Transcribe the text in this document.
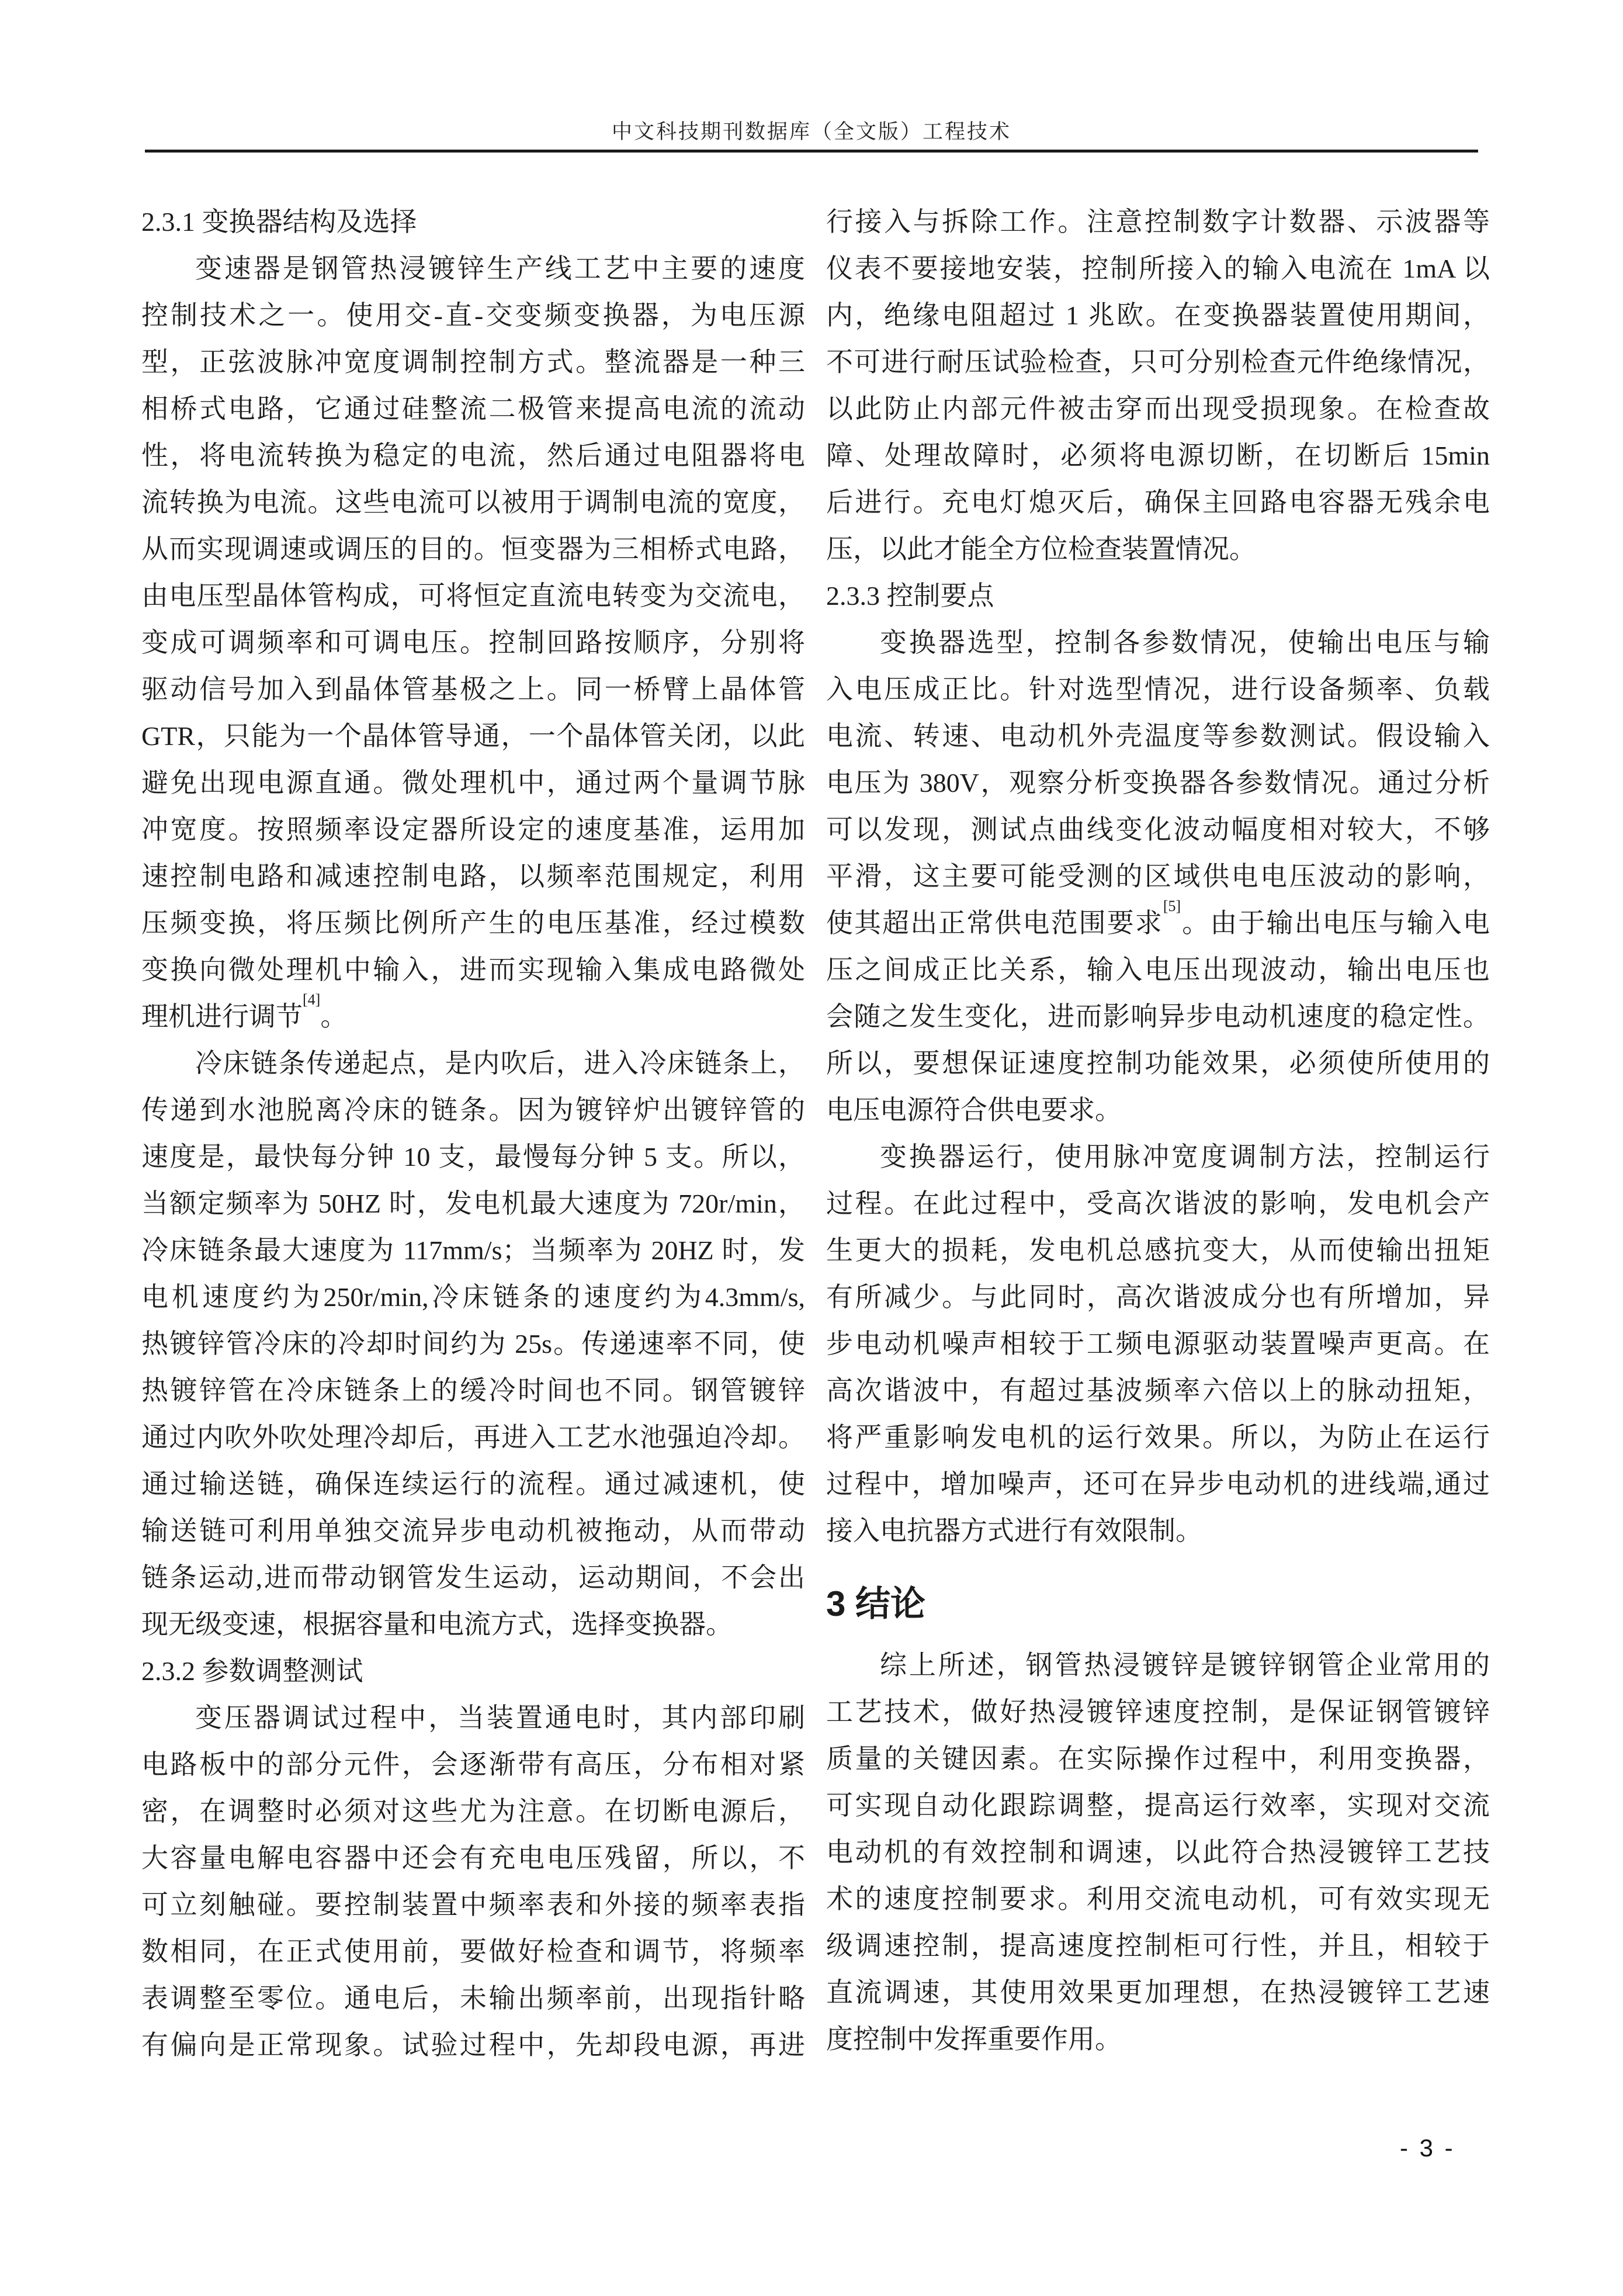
中文科技期刊数据库（全文版）工程技术
2.3.1 变换器结构及选择
变速器是钢管热浸镀锌生产线工艺中主要的速度
控制技术之一。使用交-直-交变频变换器，为电压源
型，正弦波脉冲宽度调制控制方式。整流器是一种三
相桥式电路，它通过硅整流二极管来提高电流的流动
性，将电流转换为稳定的电流，然后通过电阻器将电
流转换为电流。这些电流可以被用于调制电流的宽度，
从而实现调速或调压的目的。恒变器为三相桥式电路，
由电压型晶体管构成，可将恒定直流电转变为交流电，
变成可调频率和可调电压。控制回路按顺序，分别将
驱动信号加入到晶体管基极之上。同一桥臂上晶体管
GTR，只能为一个晶体管导通，一个晶体管关闭，以此
避免出现电源直通。微处理机中，通过两个量调节脉
冲宽度。按照频率设定器所设定的速度基准，运用加
速控制电路和减速控制电路，以频率范围规定，利用
压频变换，将压频比例所产生的电压基准，经过模数
变换向微处理机中输入，进而实现输入集成电路微处
理机进行调节[4]。
冷床链条传递起点，是内吹后，进入冷床链条上，
传递到水池脱离冷床的链条。因为镀锌炉出镀锌管的
速度是，最快每分钟 10 支，最慢每分钟 5 支。所以，
当额定频率为 50HZ 时，发电机最大速度为 720r/min，
冷床链条最大速度为 117mm/s；当频率为 20HZ 时，发
电机速度约为250r/min,冷床链条的速度约为4.3mm/s,
热镀锌管冷床的冷却时间约为 25s。传递速率不同，使
热镀锌管在冷床链条上的缓冷时间也不同。钢管镀锌
通过内吹外吹处理冷却后，再进入工艺水池强迫冷却。
通过输送链，确保连续运行的流程。通过减速机，使
输送链可利用单独交流异步电动机被拖动，从而带动
链条运动,进而带动钢管发生运动，运动期间，不会出
现无级变速，根据容量和电流方式，选择变换器。
2.3.2 参数调整测试
变压器调试过程中，当装置通电时，其内部印刷
电路板中的部分元件，会逐渐带有高压，分布相对紧
密，在调整时必须对这些尤为注意。在切断电源后，
大容量电解电容器中还会有充电电压残留，所以，不
可立刻触碰。要控制装置中频率表和外接的频率表指
数相同，在正式使用前，要做好检查和调节，将频率
表调整至零位。通电后，未输出频率前，出现指针略
有偏向是正常现象。试验过程中，先却段电源，再进
行接入与拆除工作。注意控制数字计数器、示波器等
仪表不要接地安装，控制所接入的输入电流在 1mA 以
内，绝缘电阻超过 1 兆欧。在变换器装置使用期间，
不可进行耐压试验检查，只可分别检查元件绝缘情况，
以此防止内部元件被击穿而出现受损现象。在检查故
障、处理故障时，必须将电源切断，在切断后 15min
后进行。充电灯熄灭后，确保主回路电容器无残余电
压，以此才能全方位检查装置情况。
2.3.3 控制要点
变换器选型，控制各参数情况，使输出电压与输
入电压成正比。针对选型情况，进行设备频率、负载
电流、转速、电动机外壳温度等参数测试。假设输入
电压为 380V，观察分析变换器各参数情况。通过分析
可以发现，测试点曲线变化波动幅度相对较大，不够
平滑，这主要可能受测的区域供电电压波动的影响，
使其超出正常供电范围要求[5]。由于输出电压与输入电
压之间成正比关系，输入电压出现波动，输出电压也
会随之发生变化，进而影响异步电动机速度的稳定性。
所以，要想保证速度控制功能效果，必须使所使用的
电压电源符合供电要求。
变换器运行，使用脉冲宽度调制方法，控制运行
过程。在此过程中，受高次谐波的影响，发电机会产
生更大的损耗，发电机总感抗变大，从而使输出扭矩
有所减少。与此同时，高次谐波成分也有所增加，异
步电动机噪声相较于工频电源驱动装置噪声更高。在
高次谐波中，有超过基波频率六倍以上的脉动扭矩，
将严重影响发电机的运行效果。所以，为防止在运行
过程中，增加噪声，还可在异步电动机的进线端,通过
接入电抗器方式进行有效限制。
3 结论
综上所述，钢管热浸镀锌是镀锌钢管企业常用的
工艺技术，做好热浸镀锌速度控制，是保证钢管镀锌
质量的关键因素。在实际操作过程中，利用变换器，
可实现自动化跟踪调整，提高运行效率，实现对交流
电动机的有效控制和调速，以此符合热浸镀锌工艺技
术的速度控制要求。利用交流电动机，可有效实现无
级调速控制，提高速度控制柜可行性，并且，相较于
直流调速，其使用效果更加理想，在热浸镀锌工艺速
度控制中发挥重要作用。
- 3 -
